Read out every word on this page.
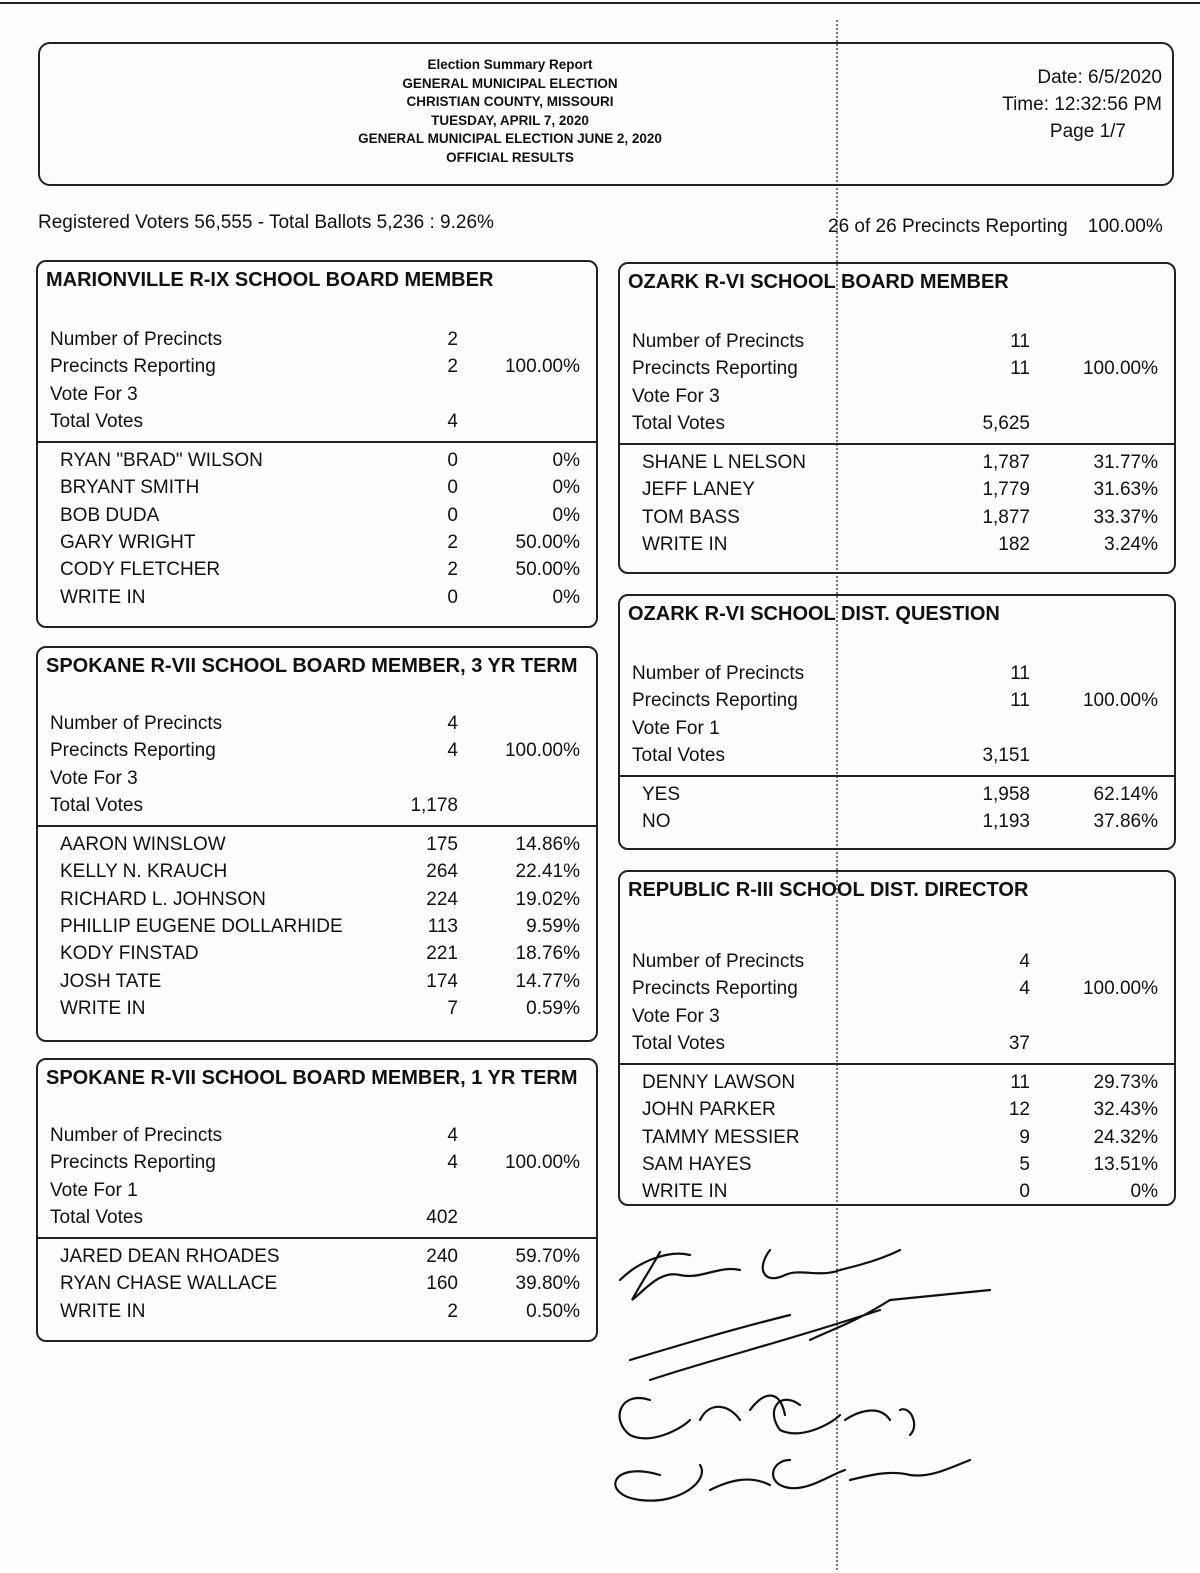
Election Summary Report
GENERAL MUNICIPAL ELECTION
CHRISTIAN COUNTY, MISSOURI
TUESDAY, APRIL 7, 2020
GENERAL MUNICIPAL ELECTION JUNE 2, 2020
OFFICIAL RESULTS
Date: 6/5/2020
Time: 12:32:56 PM
Page 1/7
Registered Voters 56,555 - Total Ballots 5,236 : 9.26%	26 of 26 Precincts Reporting 100.00%
MARIONVILLE R-IX SCHOOL BOARD MEMBER
Number of Precincts	2
Precincts Reporting	2 100.00%
Vote For 3
Total Votes	4
RYAN "BRAD" WILSON	0	0%
BRYANT SMITH	0	0%
BOB DUDA	0	0%
GARY WRIGHT	2	50.00%
CODY FLETCHER	2	50.00%
WRITE IN	0	0%
SPOKANE R-VII SCHOOL BOARD MEMBER, 3 YR TERM
Number of Precincts	4
Precincts Reporting	4 100.00%
Vote For 3
Total Votes	1,178
AARON WINSLOW	175	14.86%
KELLY N. KRAUCH	264	22.41%
RICHARD L. JOHNSON	224	19.02%
PHILLIP EUGENE DOLLARHIDE	113	9.59%
KODY FINSTAD	221	18.76%
JOSH TATE	174	14.77%
WRITE IN	7	0.59%
SPOKANE R-VII SCHOOL BOARD MEMBER, 1 YR TERM
Number of Precincts	4
Precincts Reporting	4 100.00%
Vote For 1
Total Votes	402
JARED DEAN RHOADES	240	59.70%
RYAN CHASE WALLACE	160	39.80%
WRITE IN	2	0.50%
OZARK R-VI SCHOOL BOARD MEMBER
Number of Precincts	11
Precincts Reporting	11	100.00%
Vote For 3
Total Votes	5,625
SHANE L NELSON	1,787	31.77%
JEFF LANEY	1,779	31.63%
TOM BASS	1,877	33.37%
WRITE IN	182	3.24%
OZARK R-VI SCHOOL DIST. QUESTION
Number of Precincts	11
Precincts Reporting	11	100.00%
Vote For 1
Total Votes	3,151
YES	1,958	62.14%
NO	1,193	37.86%
REPUBLIC R-III SCHOOL DIST. DIRECTOR
Number of Precincts	4
Precincts Reporting	4	100.00%
Vote For 3
Total Votes	37
DENNY LAWSON	11	29.73%
JOHN PARKER	12	32.43%
TAMMY MESSIER	9	24.32%
SAM HAYES	5	13.51%
WRITE IN	0	0%
